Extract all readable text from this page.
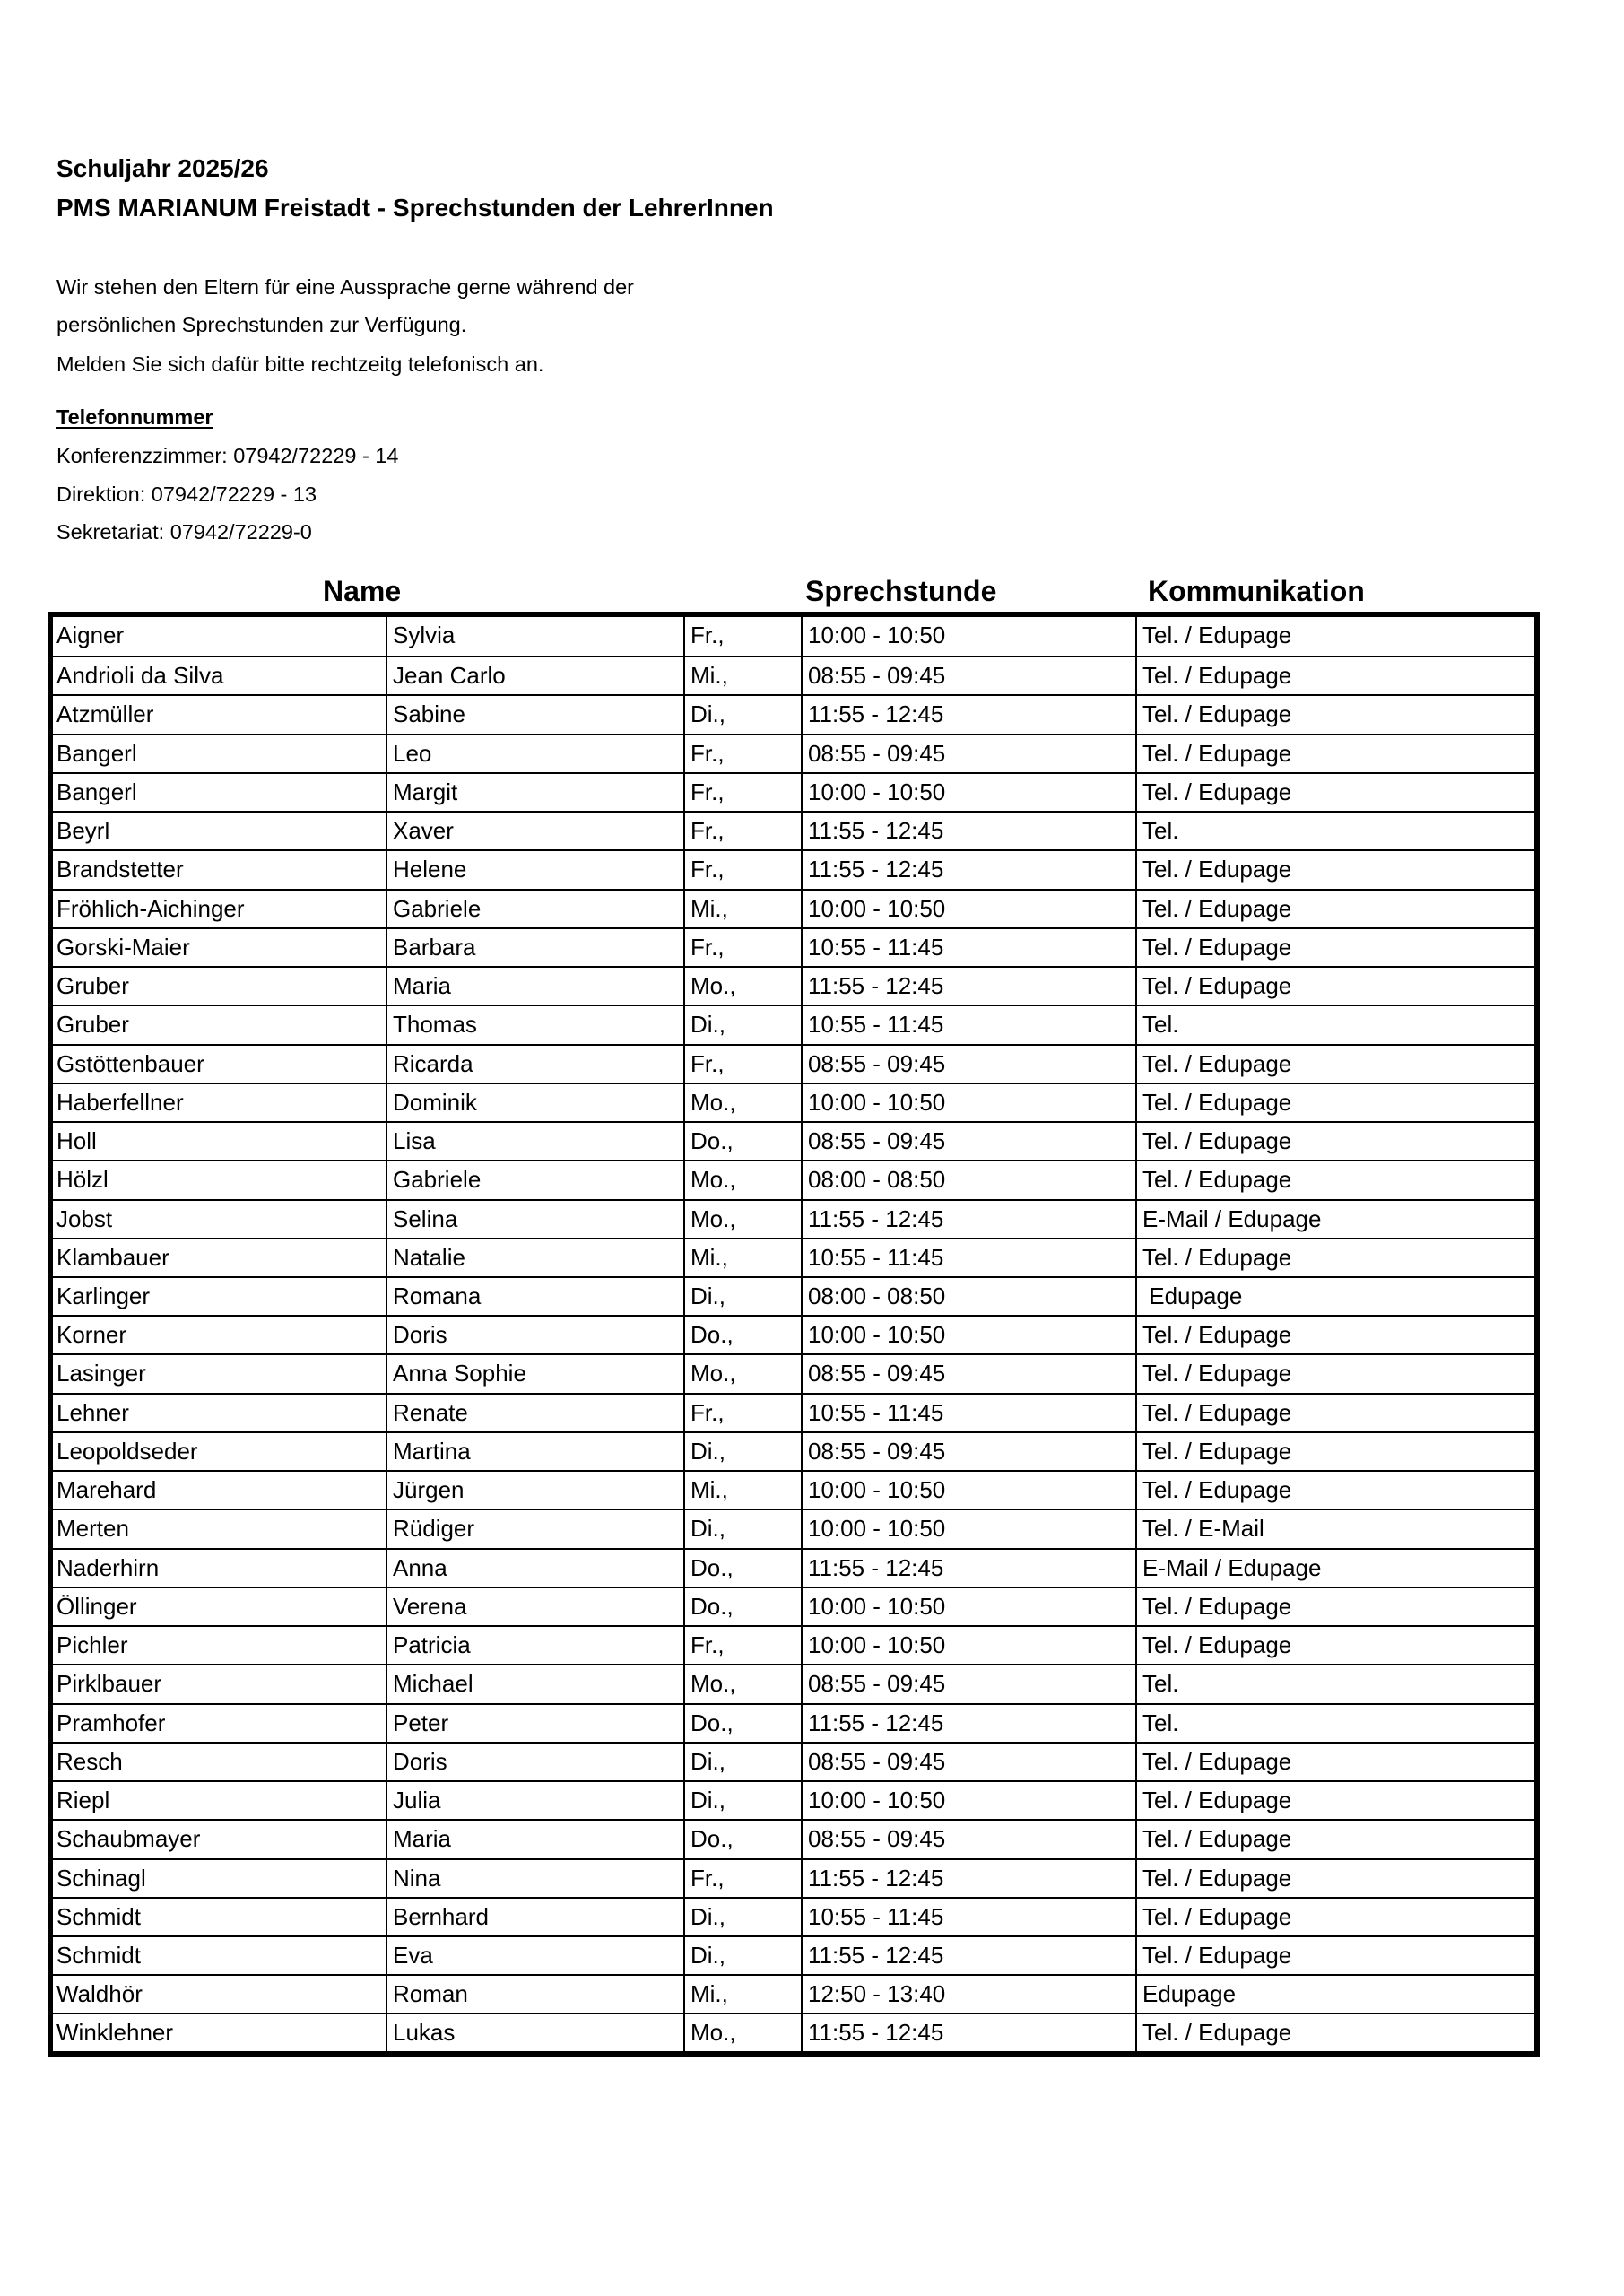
Schuljahr 2025/26
PMS MARIANUM Freistadt - Sprechstunden der LehrerInnen
Wir stehen den Eltern für eine Aussprache gerne während der
persönlichen Sprechstunden zur Verfügung.
Melden Sie sich dafür bitte rechtzeitg telefonisch an.
Telefonnummer
Konferenzzimmer: 07942/72229 - 14
Direktion: 07942/72229 - 13
Sekretariat: 07942/72229-0
Name	Sprechstunde	Kommunikation
Aigner	Sylvia	Fr.,	10:00 - 10:50	Tel. / Edupage
Andrioli da Silva	Jean Carlo	Mi.,	08:55 - 09:45	Tel. / Edupage
Atzmüller	Sabine	Di.,	11:55 - 12:45	Tel. / Edupage
Bangerl	Leo	Fr.,	08:55 - 09:45	Tel. / Edupage
Bangerl	Margit	Fr.,	10:00 - 10:50	Tel. / Edupage
Beyrl	Xaver	Fr.,	11:55 - 12:45	Tel.
Brandstetter	Helene	Fr.,	11:55 - 12:45	Tel. / Edupage
Fröhlich-Aichinger	Gabriele	Mi.,	10:00 - 10:50	Tel. / Edupage
Gorski-Maier	Barbara	Fr.,	10:55 - 11:45	Tel. / Edupage
Gruber	Maria	Mo.,	11:55 - 12:45	Tel. / Edupage
Gruber	Thomas	Di.,	10:55 - 11:45	Tel.
Gstöttenbauer	Ricarda	Fr.,	08:55 - 09:45	Tel. / Edupage
Haberfellner	Dominik	Mo.,	10:00 - 10:50	Tel. / Edupage
Holl	Lisa	Do.,	08:55 - 09:45	Tel. / Edupage
Hölzl	Gabriele	Mo.,	08:00 - 08:50	Tel. / Edupage
Jobst	Selina	Mo.,	11:55 - 12:45	E-Mail / Edupage
Klambauer	Natalie	Mi.,	10:55 - 11:45	Tel. / Edupage
Karlinger	Romana	Di.,	08:00 - 08:50	Edupage
Korner	Doris	Do.,	10:00 - 10:50	Tel. / Edupage
Lasinger	Anna Sophie	Mo.,	08:55 - 09:45	Tel. / Edupage
Lehner	Renate	Fr.,	10:55 - 11:45	Tel. / Edupage
Leopoldseder	Martina	Di.,	08:55 - 09:45	Tel. / Edupage
Marehard	Jürgen	Mi.,	10:00 - 10:50	Tel. / Edupage
Merten	Rüdiger	Di.,	10:00 - 10:50	Tel. / E-Mail
Naderhirn	Anna	Do.,	11:55 - 12:45	E-Mail / Edupage
Öllinger	Verena	Do.,	10:00 - 10:50	Tel. / Edupage
Pichler	Patricia	Fr.,	10:00 - 10:50	Tel. / Edupage
Pirklbauer	Michael	Mo.,	08:55 - 09:45	Tel.
Pramhofer	Peter	Do.,	11:55 - 12:45	Tel.
Resch	Doris	Di.,	08:55 - 09:45	Tel. / Edupage
Riepl	Julia	Di.,	10:00 - 10:50	Tel. / Edupage
Schaubmayer	Maria	Do.,	08:55 - 09:45	Tel. / Edupage
Schinagl	Nina	Fr.,	11:55 - 12:45	Tel. / Edupage
Schmidt	Bernhard	Di.,	10:55 - 11:45	Tel. / Edupage
Schmidt	Eva	Di.,	11:55 - 12:45	Tel. / Edupage
Waldhör	Roman	Mi.,	12:50 - 13:40	Edupage
Winklehner	Lukas	Mo.,	11:55 - 12:45	Tel. / Edupage
